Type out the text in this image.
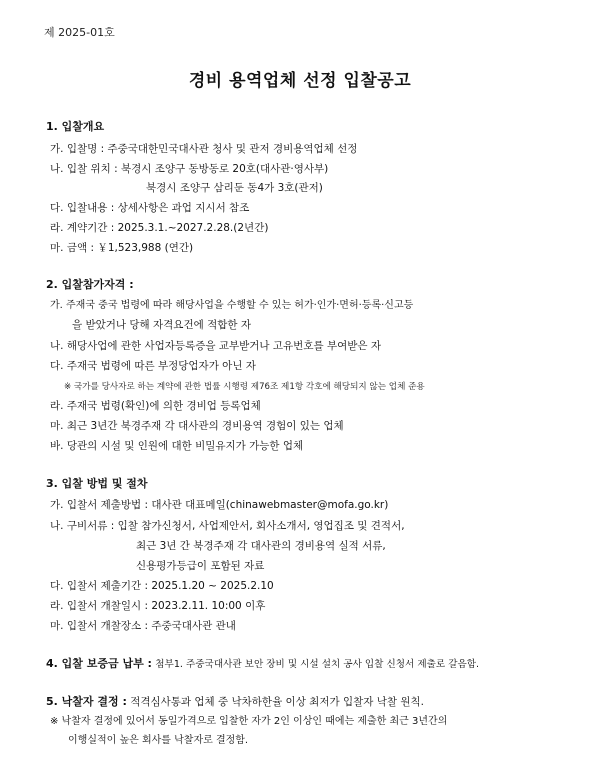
제 2025-01호
경비 용역업체 선정 입찰공고
1. 입찰개요
가. 입찰명 : 주중국대한민국대사관 청사 및 관저 경비용역업체 선정
나. 입찰 위치 : 북경시 조양구 동방동로 20호(대사관·영사부)
북경시 조양구 삼리둔 동4가 3호(관저)
다. 입찰내용 : 상세사항은 과업 지시서 참조
라. 계약기간 : 2025.3.1.~2027.2.28.(2년간)
마. 금액 : ￥1,523,988 (연간)
2. 입찰참가자격 :
가. 주재국 중국 법령에 따라 해당사업을 수행할 수 있는 허가·인가·면허·등록·신고등
을 받았거나 당해 자격요건에 적합한 자
나. 해당사업에 관한 사업자등록증을 교부받거나 고유번호를 부여받은 자
다. 주재국 법령에 따른 부정당업자가 아닌 자
※ 국가를 당사자로 하는 계약에 관한 법률 시행령 제76조 제1항 각호에 해당되지 않는 업체 준용
라. 주재국 법령(확인)에 의한 경비업 등록업체
마. 최근 3년간 북경주재 각 대사관의 경비용역 경험이 있는 업체
바. 당관의 시설 및 인원에 대한 비밀유지가 가능한 업체
3. 입찰 방법 및 절차
가. 입찰서 제출방법 : 대사관 대표메일(chinawebmaster@mofa.go.kr)
나. 구비서류 : 입찰 참가신청서, 사업제안서, 회사소개서, 영업집조 및 견적서,
최근 3년 간 북경주재 각 대사관의 경비용역 실적 서류,
신용평가등급이 포함된 자료
다. 입찰서 제출기간 : 2025.1.20 ~ 2025.2.10
라. 입찰서 개찰일시 : 2023.2.11. 10:00 이후
마. 입찰서 개찰장소 : 주중국대사관 관내
4. 입찰 보증금 납부 : 첨부1. 주중국대사관 보안 장비 및 시설 설치 공사 입찰 신청서 제출로 갈음함.
5. 낙찰자 결정 : 적격심사통과 업체 중 낙차하한율 이상 최저가 입찰자 낙찰 원칙.
※ 낙찰자 결정에 있어서 동일가격으로 입찰한 자가 2인 이상인 때에는 제출한 최근 3년간의
이행실적이 높은 회사를 낙찰자로 결정함.
